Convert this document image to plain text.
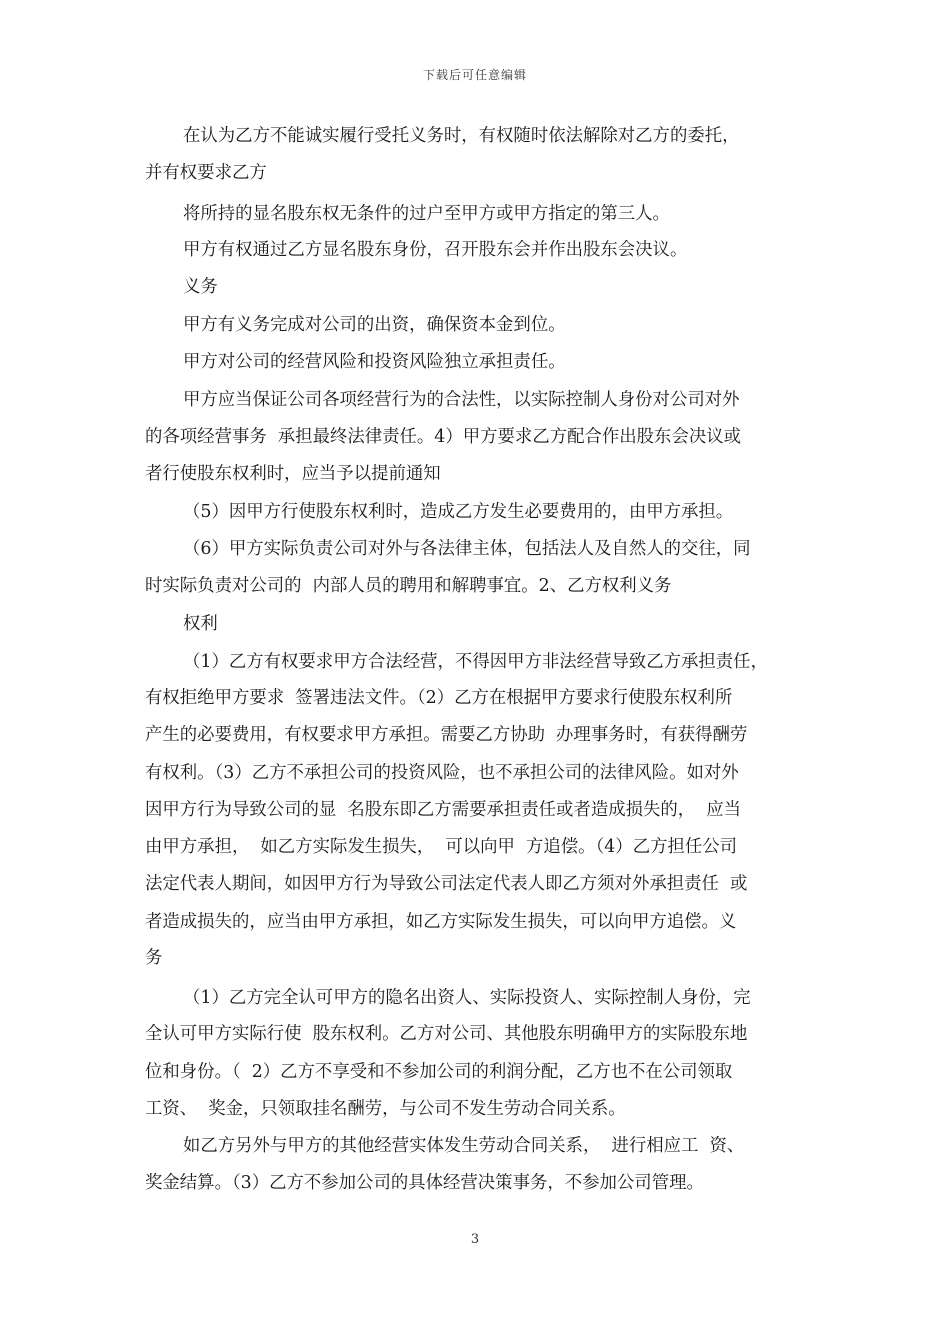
下载后可任意编辑

在认为乙方不能诚实履行受托义务时，有权随时依法解除对乙方的委托，

并有权要求乙方

将所持的显名股东权无条件的过户至甲方或甲方指定的第三人。

甲方有权通过乙方显名股东身份，召开股东会并作出股东会决议。

义务

甲方有义务完成对公司的出资，确保资本金到位。

甲方对公司的经营风险和投资风险独立承担责任。

甲方应当保证公司各项经营行为的合法性，以实际控制人身份对公司对外

的各项经营事务  承担最终法律责任。4）甲方要求乙方配合作出股东会决议或

者行使股东权利时，应当予以提前通知

（5）因甲方行使股东权利时，造成乙方发生必要费用的，由甲方承担。

（6）甲方实际负责公司对外与各法律主体，包括法人及自然人的交往，同

时实际负责对公司的  内部人员的聘用和解聘事宜。2、乙方权利义务

权利

（1）乙方有权要求甲方合法经营，不得因甲方非法经营导致乙方承担责任，

有权拒绝甲方要求  签署违法文件。（2）乙方在根据甲方要求行使股东权利所

产生的必要费用，有权要求甲方承担。需要乙方协助  办理事务时，有获得酬劳

有权利。（3）乙方不承担公司的投资风险，也不承担公司的法律风险。如对外

因甲方行为导致公司的显  名股东即乙方需要承担责任或者造成损失的，  应当

由甲方承担，  如乙方实际发生损失，  可以向甲  方追偿。（4）乙方担任公司

法定代表人期间，如因甲方行为导致公司法定代表人即乙方须对外承担责任  或

者造成损失的，应当由甲方承担，如乙方实际发生损失，可以向甲方追偿。义

务

（1）乙方完全认可甲方的隐名出资人、实际投资人、实际控制人身份，完

全认可甲方实际行使  股东权利。乙方对公司、其他股东明确甲方的实际股东地

位和身份。（  2）乙方不享受和不参加公司的利润分配，乙方也不在公司领取

工资、  奖金，只领取挂名酬劳，与公司不发生劳动合同关系。

如乙方另外与甲方的其他经营实体发生劳动合同关系，  进行相应工  资、

奖金结算。（3）乙方不参加公司的具体经营决策事务，不参加公司管理。

3
